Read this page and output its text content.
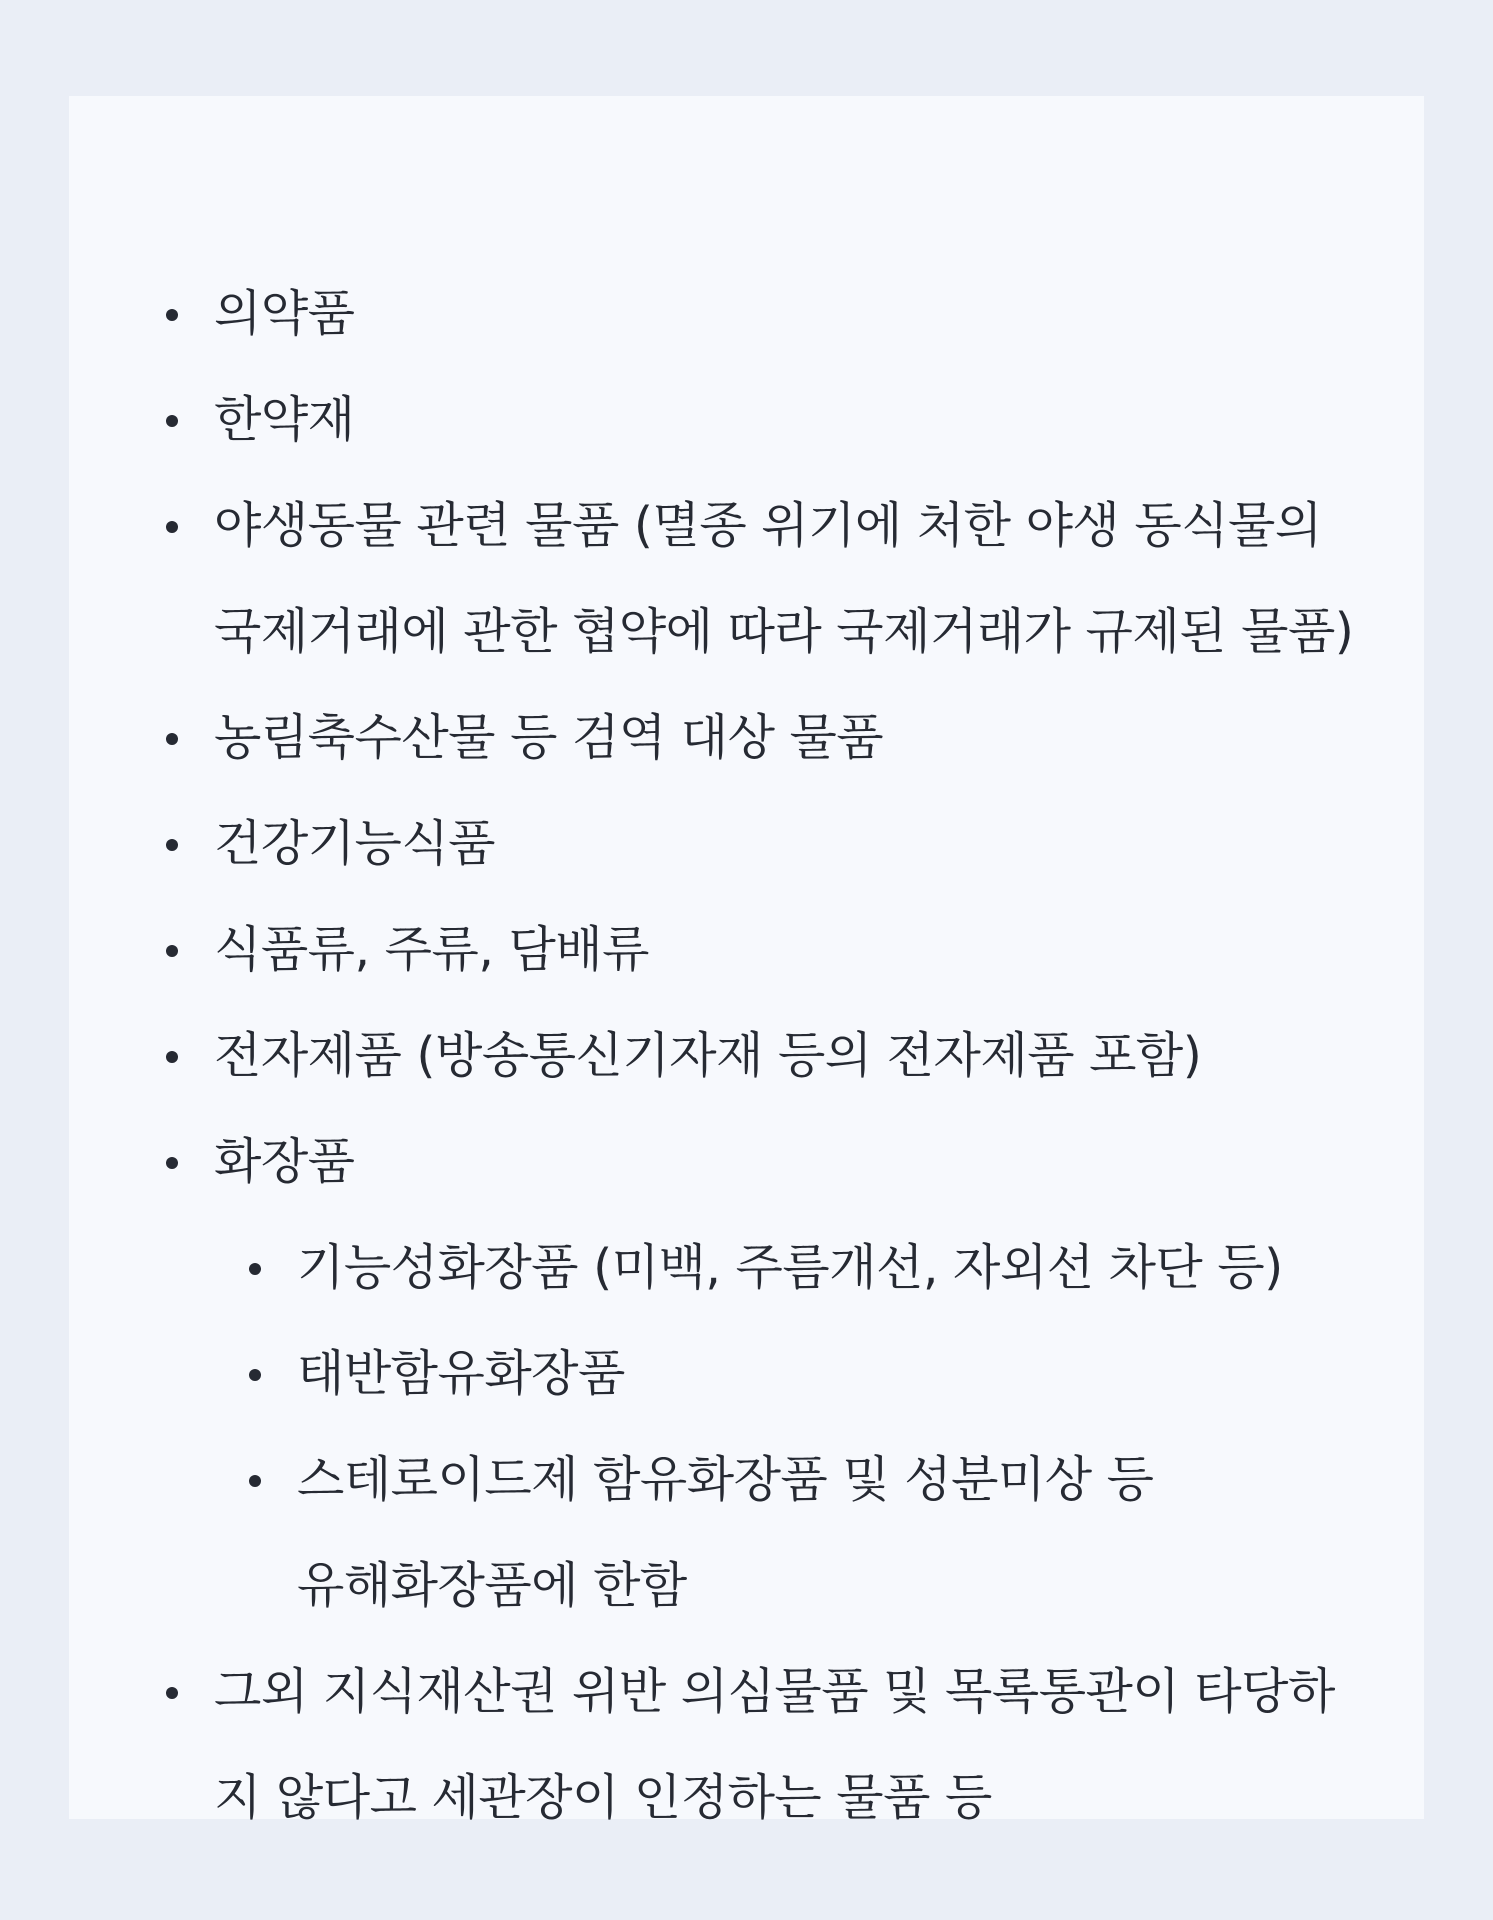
의약품
한약재
야생동물 관련 물품 (멸종 위기에 처한 야생 동식물의
국제거래에 관한 협약에 따라 국제거래가 규제된 물품)
농림축수산물 등 검역 대상 물품
건강기능식품
식품류, 주류, 담배류
전자제품 (방송통신기자재 등의 전자제품 포함)
화장품
기능성화장품 (미백, 주름개선, 자외선 차단 등)
태반함유화장품
스테로이드제 함유화장품 및 성분미상 등
유해화장품에 한함
그외 지식재산권 위반 의심물품 및 목록통관이 타당하
지 않다고 세관장이 인정하는 물품 등
